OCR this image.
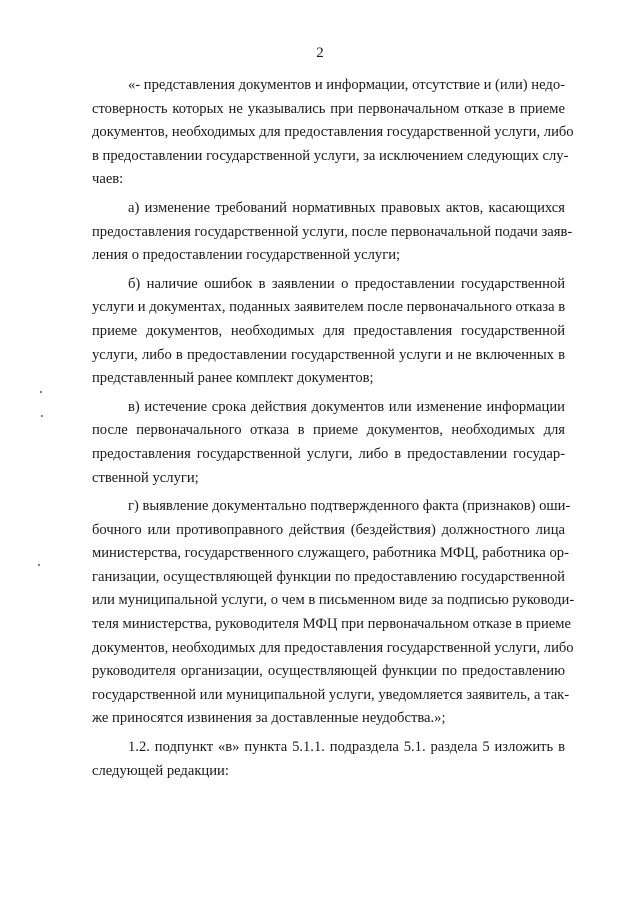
2
«- представления документов и информации, отсутствие и (или) недо-
стоверность которых не указывались при первоначальном отказе в приеме
документов, необходимых для предоставления государственной услуги, либо
в предоставлении государственной услуги, за исключением следующих слу-
чаев:
а) изменение требований нормативных правовых актов, касающихся
предоставления государственной услуги, после первоначальной подачи заяв-
ления о предоставлении государственной услуги;
б) наличие ошибок в заявлении о предоставлении государственной
услуги и документах, поданных заявителем после первоначального отказа в
приеме документов, необходимых для предоставления государственной
услуги, либо в предоставлении государственной услуги и не включенных в
представленный ранее комплект документов;
в) истечение срока действия документов или изменение информации
после первоначального отказа в приеме документов, необходимых для
предоставления государственной услуги, либо в предоставлении государ-
ственной услуги;
г) выявление документально подтвержденного факта (признаков) оши-
бочного или противоправного действия (бездействия) должностного лица
министерства, государственного служащего, работника МФЦ, работника ор-
ганизации, осуществляющей функции по предоставлению государственной
или муниципальной услуги, о чем в письменном виде за подписью руководи-
теля министерства, руководителя МФЦ при первоначальном отказе в приеме
документов, необходимых для предоставления государственной услуги, либо
руководителя организации, осуществляющей функции по предоставлению
государственной или муниципальной услуги, уведомляется заявитель, а так-
же приносятся извинения за доставленные неудобства.»;
1.2. подпункт «в» пункта 5.1.1. подраздела 5.1. раздела 5 изложить в
следующей редакции:
